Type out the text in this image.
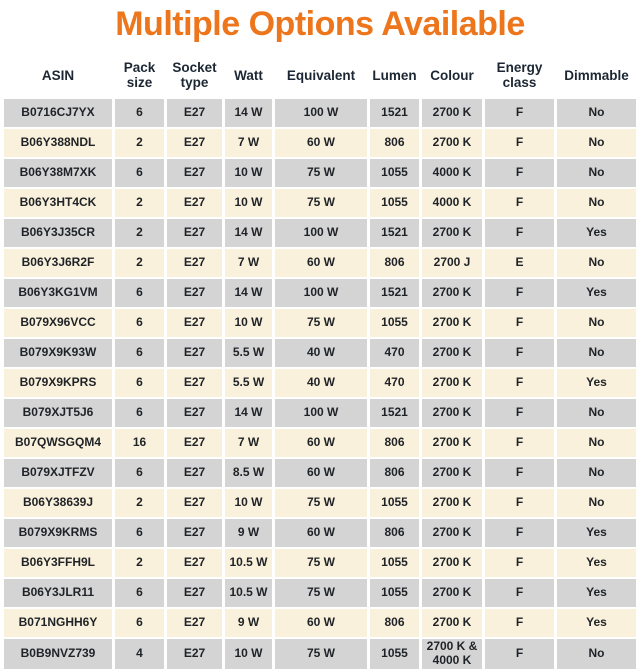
Multiple Options Available
ASIN	Pack size	Socket type	Watt	Equivalent	Lumen	Colour	Energy class	Dimmable
B0716CJ7YX	6	E27	14 W	100 W	1521	2700 K	F	No
B06Y388NDL	2	E27	7 W	60 W	806	2700 K	F	No
B06Y38M7XK	6	E27	10 W	75 W	1055	4000 K	F	No
B06Y3HT4CK	2	E27	10 W	75 W	1055	4000 K	F	No
B06Y3J35CR	2	E27	14 W	100 W	1521	2700 K	F	Yes
B06Y3J6R2F	2	E27	7 W	60 W	806	2700 J	E	No
B06Y3KG1VM	6	E27	14 W	100 W	1521	2700 K	F	Yes
B079X96VCC	6	E27	10 W	75 W	1055	2700 K	F	No
B079X9K93W	6	E27	5.5 W	40 W	470	2700 K	F	No
B079X9KPRS	6	E27	5.5 W	40 W	470	2700 K	F	Yes
B079XJT5J6	6	E27	14 W	100 W	1521	2700 K	F	No
B07QWSGQM4	16	E27	7 W	60 W	806	2700 K	F	No
B079XJTFZV	6	E27	8.5 W	60 W	806	2700 K	F	No
B06Y38639J	2	E27	10 W	75 W	1055	2700 K	F	No
B079X9KRMS	6	E27	9 W	60 W	806	2700 K	F	Yes
B06Y3FFH9L	2	E27	10.5 W	75 W	1055	2700 K	F	Yes
B06Y3JLR11	6	E27	10.5 W	75 W	1055	2700 K	F	Yes
B071NGHH6Y	6	E27	9 W	60 W	806	2700 K	F	Yes
B0B9NVZ739	4	E27	10 W	75 W	1055	2700 K & 4000 K	F	No
